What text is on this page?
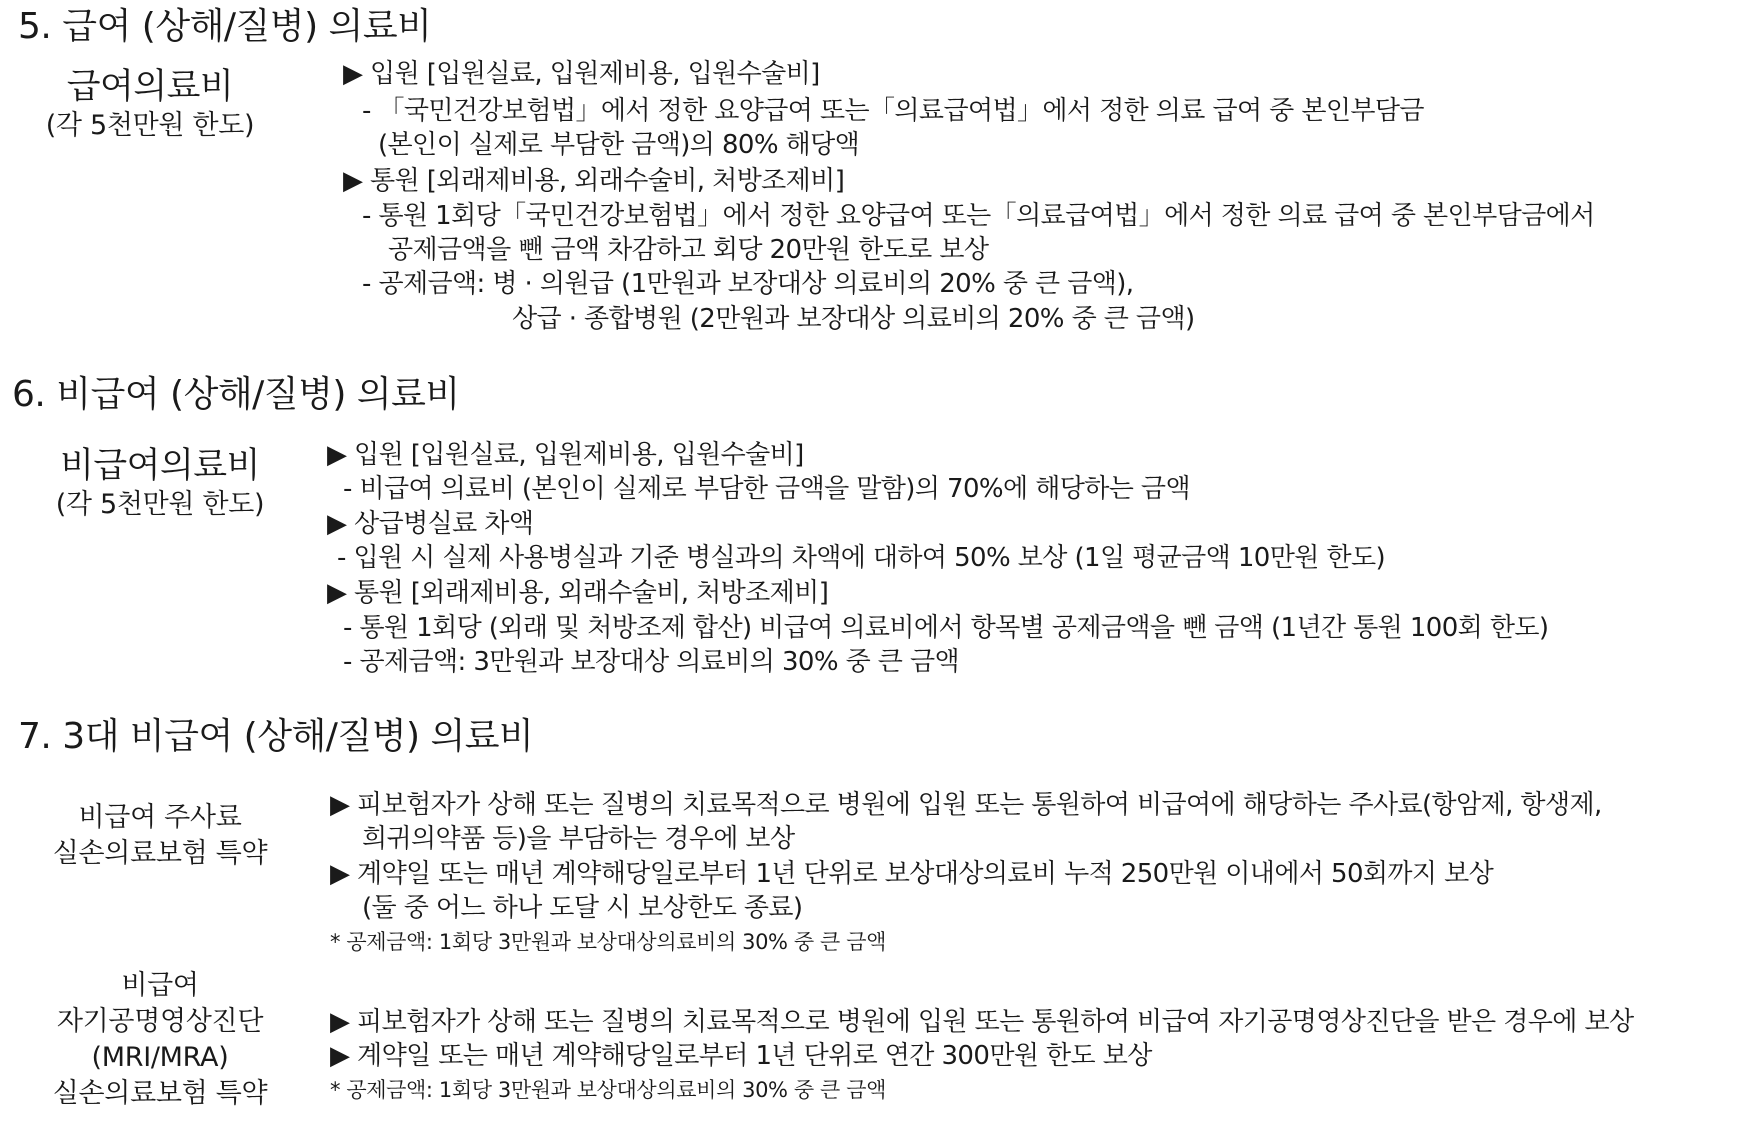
5. 급여 (상해/질병) 의료비
급여의료비
(각 5천만원 한도)
▶ 입원 [입원실료, 입원제비용, 입원수술비]
- 「국민건강보험법」에서 정한 요양급여 또는「의료급여법」에서 정한 의료 급여 중 본인부담금
(본인이 실제로 부담한 금액)의 80% 해당액
▶ 통원 [외래제비용, 외래수술비, 처방조제비]
- 통원 1회당「국민건강보험법」에서 정한 요양급여 또는「의료급여법」에서 정한 의료 급여 중 본인부담금에서
공제금액을 뺀 금액 차감하고 회당 20만원 한도로 보상
- 공제금액: 병 · 의원급 (1만원과 보장대상 의료비의 20% 중 큰 금액),
상급 · 종합병원 (2만원과 보장대상 의료비의 20% 중 큰 금액)
6. 비급여 (상해/질병) 의료비
비급여의료비
(각 5천만원 한도)
▶ 입원 [입원실료, 입원제비용, 입원수술비]
- 비급여 의료비 (본인이 실제로 부담한 금액을 말함)의 70%에 해당하는 금액
▶ 상급병실료 차액
- 입원 시 실제 사용병실과 기준 병실과의 차액에 대하여 50% 보상 (1일 평균금액 10만원 한도)
▶ 통원 [외래제비용, 외래수술비, 처방조제비]
- 통원 1회당 (외래 및 처방조제 합산) 비급여 의료비에서 항목별 공제금액을 뺀 금액 (1년간 통원 100회 한도)
- 공제금액: 3만원과 보장대상 의료비의 30% 중 큰 금액
7. 3대 비급여 (상해/질병) 의료비
비급여 주사료
실손의료보험 특약
▶ 피보험자가 상해 또는 질병의 치료목적으로 병원에 입원 또는 통원하여 비급여에 해당하는 주사료(항암제, 항생제,
희귀의약품 등)을 부담하는 경우에 보상
▶ 계약일 또는 매년 계약해당일로부터 1년 단위로 보상대상의료비 누적 250만원 이내에서 50회까지 보상
(둘 중 어느 하나 도달 시 보상한도 종료)
* 공제금액: 1회당 3만원과 보상대상의료비의 30% 중 큰 금액
비급여
자기공명영상진단
(MRI/MRA)
실손의료보험 특약
▶ 피보험자가 상해 또는 질병의 치료목적으로 병원에 입원 또는 통원하여 비급여 자기공명영상진단을 받은 경우에 보상
▶ 계약일 또는 매년 계약해당일로부터 1년 단위로 연간 300만원 한도 보상
* 공제금액: 1회당 3만원과 보상대상의료비의 30% 중 큰 금액
